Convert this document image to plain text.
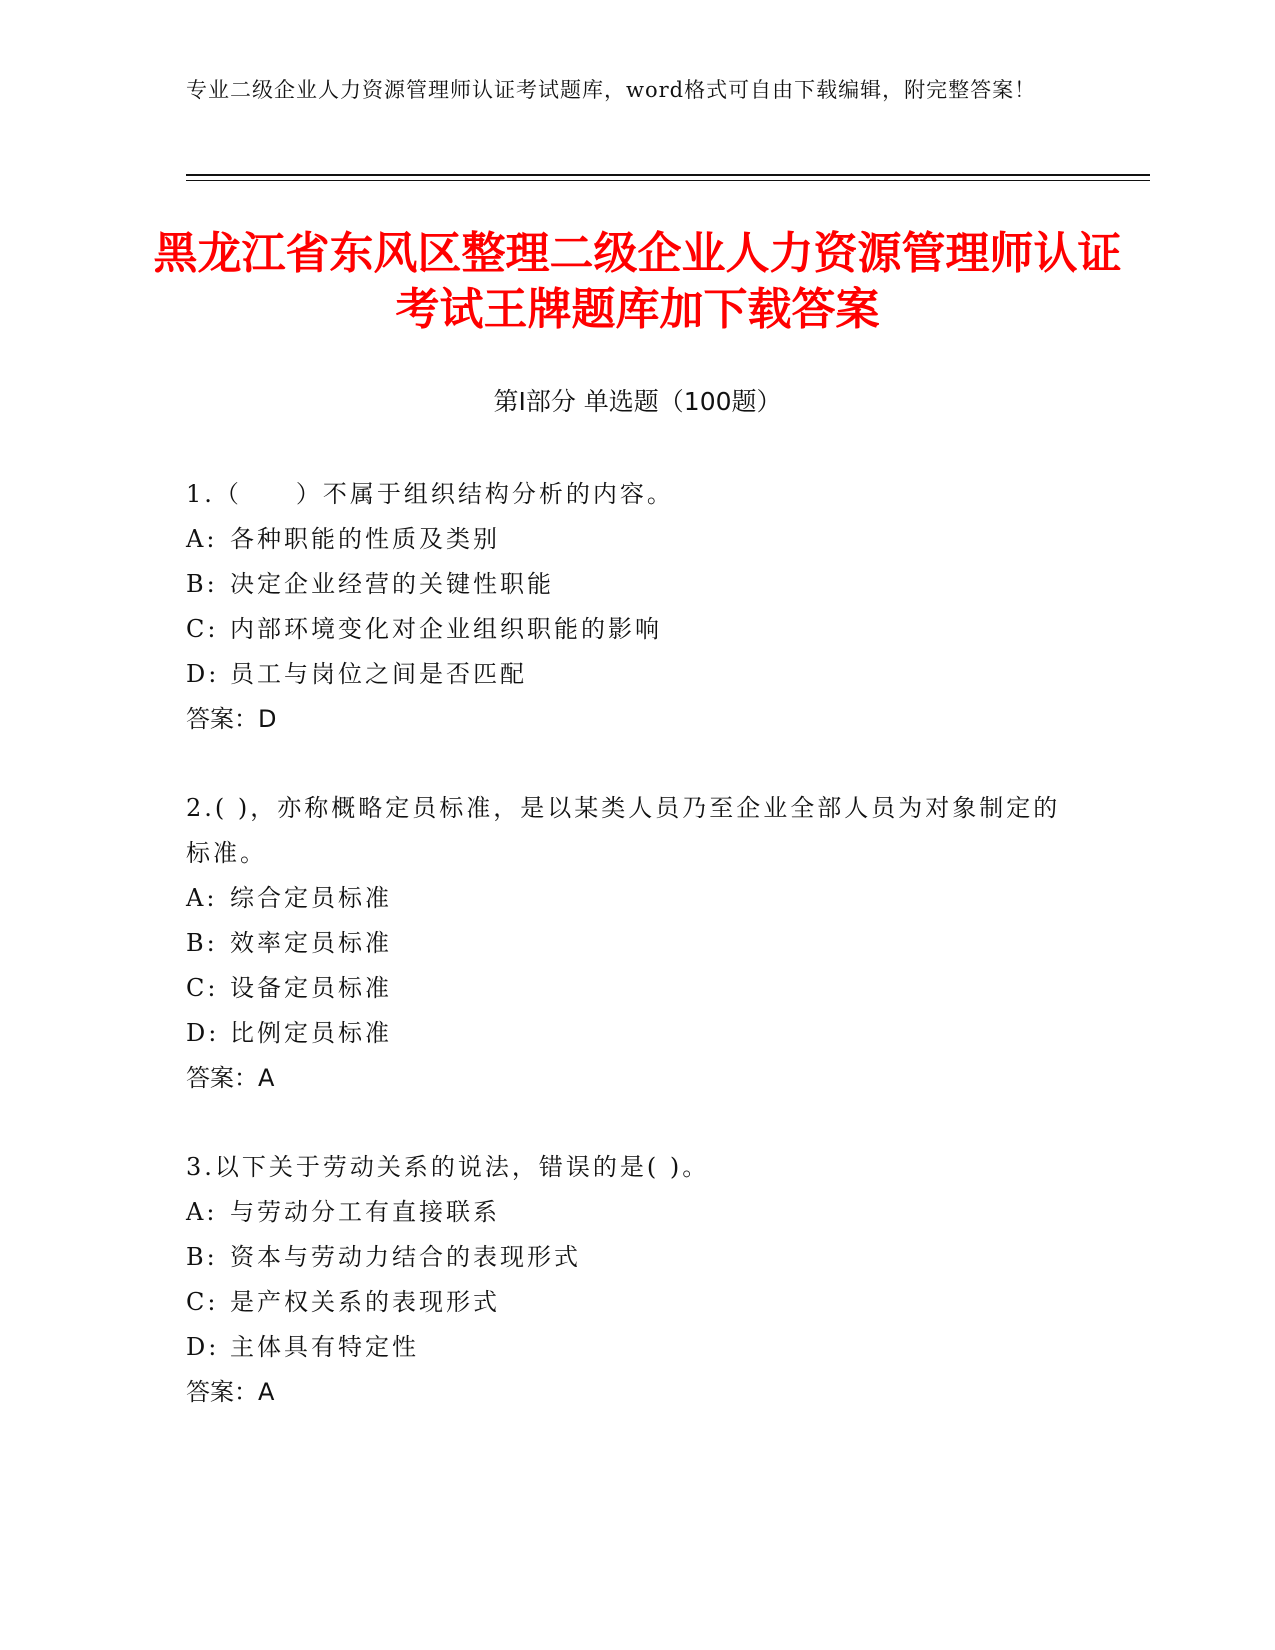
专业二级企业人力资源管理师认证考试题库，word格式可自由下载编辑，附完整答案！
黑龙江省东风区整理二级企业人力资源管理师认证考试王牌题库加下载答案
第Ⅰ部分 单选题（100题）
1.（　　）不属于组织结构分析的内容。
A: 各种职能的性质及类别
B: 决定企业经营的关键性职能
C: 内部环境变化对企业组织职能的影响
D: 员工与岗位之间是否匹配
答案：D
2.( )，亦称概略定员标准，是以某类人员乃至企业全部人员为对象制定的标准。
A: 综合定员标准
B: 效率定员标准
C: 设备定员标准
D: 比例定员标准
答案：A
3.以下关于劳动关系的说法，错误的是( )。
A: 与劳动分工有直接联系
B: 资本与劳动力结合的表现形式
C: 是产权关系的表现形式
D: 主体具有特定性
答案：A
